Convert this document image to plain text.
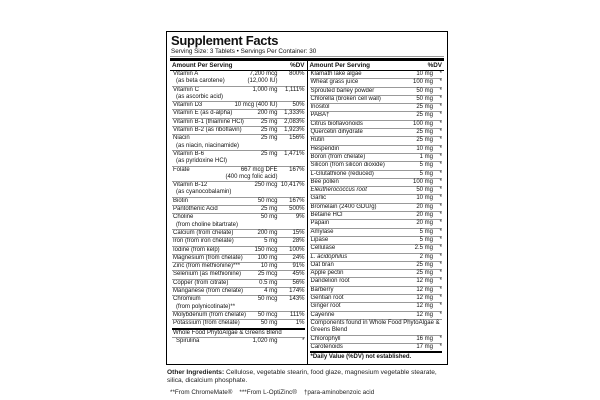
Supplement Facts
Serving Size: 3 Tablets • Servings Per Container: 30
Amount Per Serving	%DV Amount Per Serving	%DV
Vitamin A	7,200 mcg	800%
(as beta carotene)	(12,000 IU)
Vitamin C	1,000 mg	1,111%
(as ascorbic acid)
Vitamin D3	10 mcg (400 IU)	50%
Vitamin E (as d-alpha)	200 mg	1,333%
Vitamin B-1 (thiamine HCl)	25 mg	2,083%
Vitamin B-2 (as riboflavin)	25 mg	1,923%
Niacin	25 mg	156%
(as niacin, niacinamide)
Vitamin B-6	25 mg	1,471%
(as pyridoxine HCl)
Folate	667 mcg DFE	167%
(400 mcg folic acid)
Vitamin B-12	250 mcg 10,417%
(as cyanocobalamin)
Biotin	50 mcg	167%
Pantothenic Acid	25 mg	500%
Choline	50 mg	9%
(from choline bitartrate)
Calcium (from chelate)	200 mg	15%
Iron (from iron chelate)	5 mg	28%
Iodine (from kelp)	150 mcg	100%
Magnesium (from chelate)	100 mg	24%
Zinc (from methionine)***	10 mg	91%
Selenium (as methionine)	25 mcg	45%
Copper (from citrate)	0.5 mg	56%
Manganese (from chelate)	4 mg	174%
Chromium	50 mcg	143%
(from polynicotinate)**
Molybdenum (from chelate)	50 mcg	111%
Potassium (from chelate)	50 mg	1%
Whole Food PhytoAlgae & Greens Blend
Spirulina	1,020 mg	*
Klamath lake algae	10 mg	*
Wheat grass juice	100 mg	*
Sprouted barley powder	50 mg	*
Chlorella (broken cell wall)	50 mg	*
Inositol	25 mg	*
PABA†	25 mg	*
Citrus bioflavonoids	100 mg	*
Quercetin dihydrate	25 mg	*
Rutin	25 mg	*
Hesperidin	10 mg	*
Boron (from chelate)	1 mg	*
Silicon (from silicon dioxide)	5 mg	*
L-Glutathione (reduced)	5 mg	*
Bee pollen	100 mg	*
Eleutherococcus root	50 mg	*
Garlic	10 mg	*
Bromelain (2400 GDU/g)	20 mg	*
Betaine HCl	20 mg	*
Papain	20 mg	*
Amylase	5 mg	*
Lipase	5 mg	*
Cellulase	2.5 mg	*
L. acidophilus	2 mg	*
Oat bran	25 mg	*
Apple pectin	25 mg	*
Dandelion root	12 mg	*
Barberry	12 mg	*
Gentian root	12 mg	*
Ginger root	12 mg	*
Cayenne	12 mg	*
Components found in Whole Food PhytoAlgae & Greens Blend
Chlorophyll	16 mg	*
Carotenoids	17 mg	*
*Daily Value (%DV) not established.
Other Ingredients: Cellulose, vegetable stearin, food glaze, magnesium vegetable stearate, silica, dicalcium phosphate.
**From ChromeMate®    ***From L-OptiZinc®    †para-aminobenzoic acid
